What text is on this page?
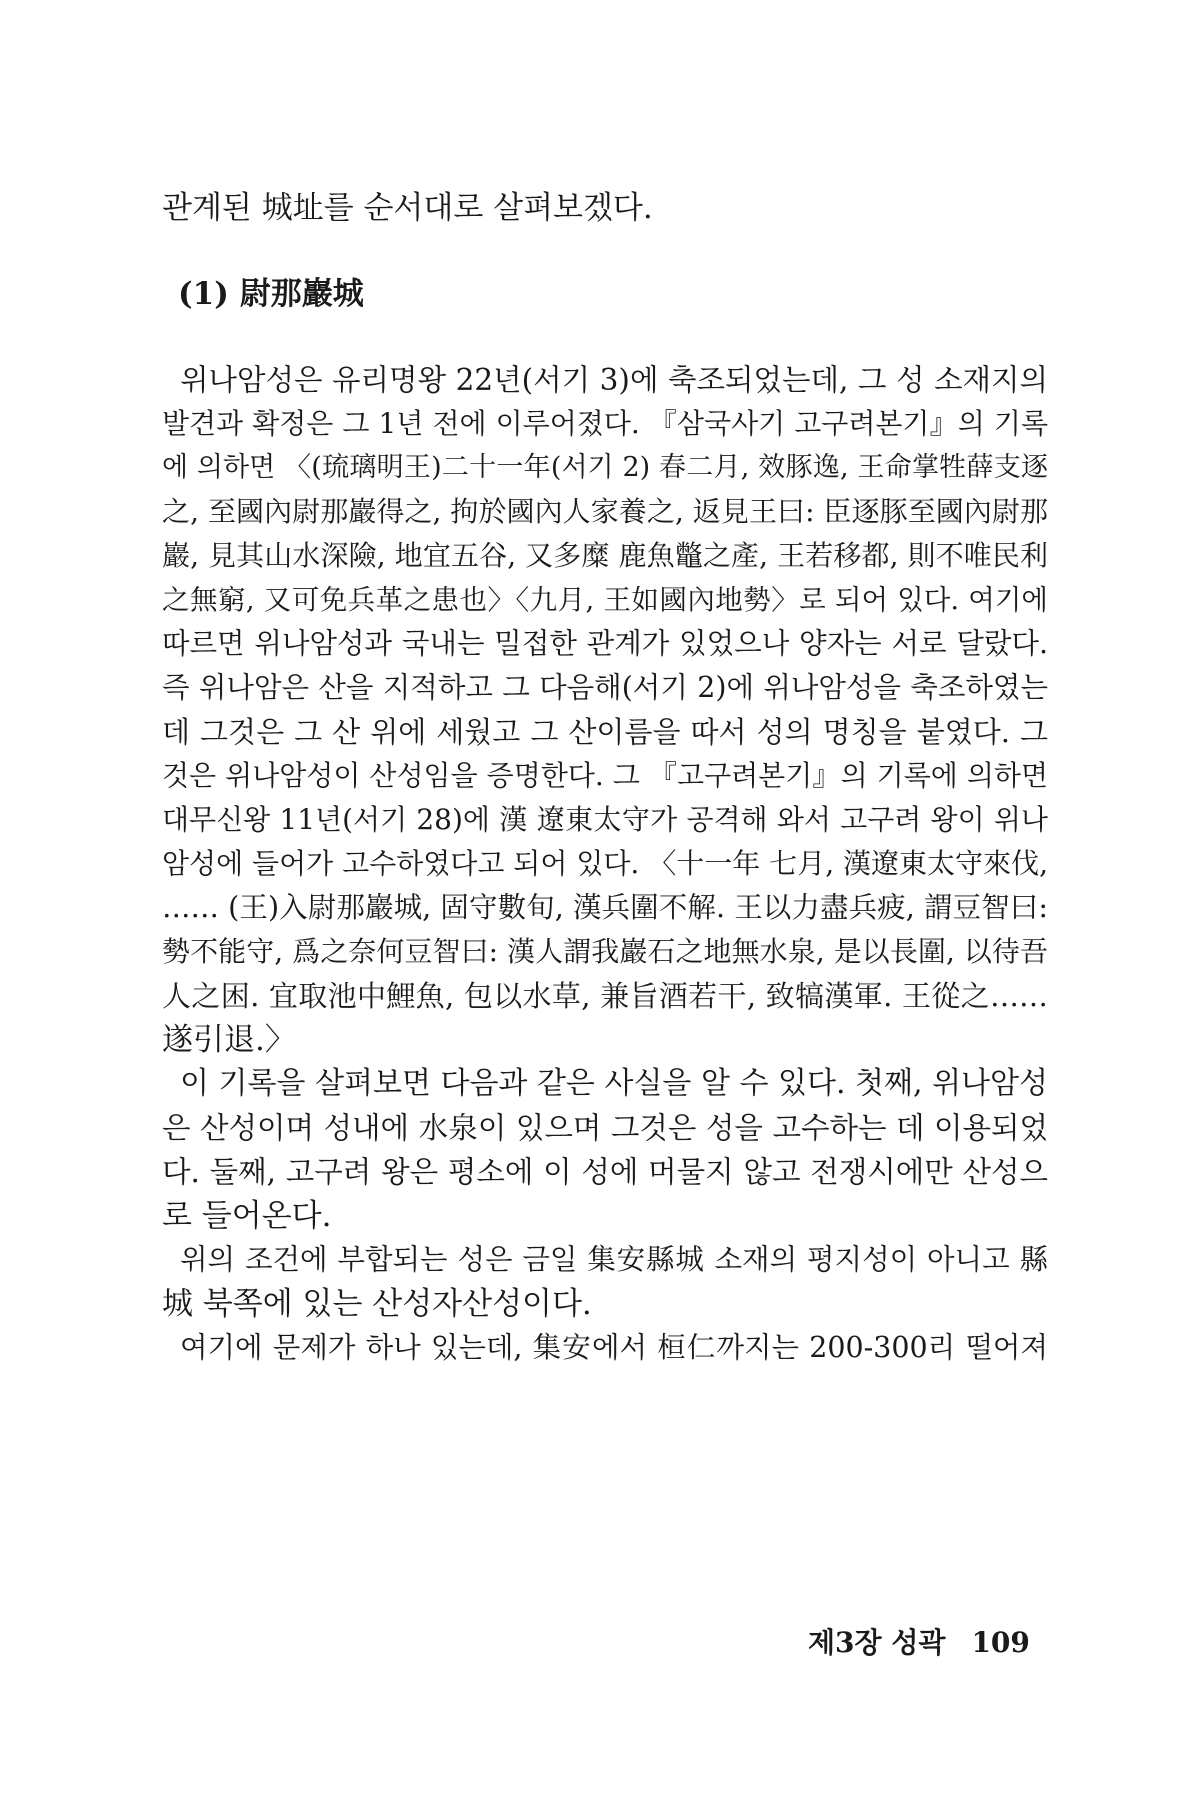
관계된 城址를 순서대로 살펴보겠다.
(1) 尉那巖城
위나암성은 유리명왕 22년(서기 3)에 축조되었는데, 그 성 소재지의
발견과 확정은 그 1년 전에 이루어졌다. 『삼국사기 고구려본기』의 기록
에 의하면 〈(琉璃明王)二十一年(서기 2) 春二月, 效豚逸, 王命掌牲薛支逐
之, 至國內尉那巖得之, 拘於國內人家養之, 返見王曰: 臣逐豚至國內尉那
巖, 見其山水深險, 地宜五谷, 又多糜 鹿魚鼈之產, 王若移都, 則不唯民利
之無窮, 又可免兵革之患也〉〈九月, 王如國內地勢〉로 되어 있다. 여기에
따르면 위나암성과 국내는 밀접한 관계가 있었으나 양자는 서로 달랐다.
즉 위나암은 산을 지적하고 그 다음해(서기 2)에 위나암성을 축조하였는
데 그것은 그 산 위에 세웠고 그 산이름을 따서 성의 명칭을 붙였다. 그
것은 위나암성이 산성임을 증명한다. 그 『고구려본기』의 기록에 의하면
대무신왕 11년(서기 28)에 漢 遼東太守가 공격해 와서 고구려 왕이 위나
암성에 들어가 고수하였다고 되어 있다. 〈十一年 七月, 漢遼東太守來伐,
…… (王)入尉那巖城, 固守數旬, 漢兵圍不解. 王以力盡兵疲, 謂豆智曰:
勢不能守, 爲之奈何豆智曰: 漢人謂我巖石之地無水泉, 是以長圍, 以待吾
人之困. 宜取池中鯉魚, 包以水草, 兼旨酒若干, 致犒漢軍. 王從之……
遂引退.〉
이 기록을 살펴보면 다음과 같은 사실을 알 수 있다. 첫째, 위나암성
은 산성이며 성내에 水泉이 있으며 그것은 성을 고수하는 데 이용되었
다. 둘째, 고구려 왕은 평소에 이 성에 머물지 않고 전쟁시에만 산성으
로 들어온다.
위의 조건에 부합되는 성은 금일 集安縣城 소재의 평지성이 아니고 縣
城 북쪽에 있는 산성자산성이다.
여기에 문제가 하나 있는데, 集安에서 桓仁까지는 200-300리 떨어져
제3장 성곽 109
